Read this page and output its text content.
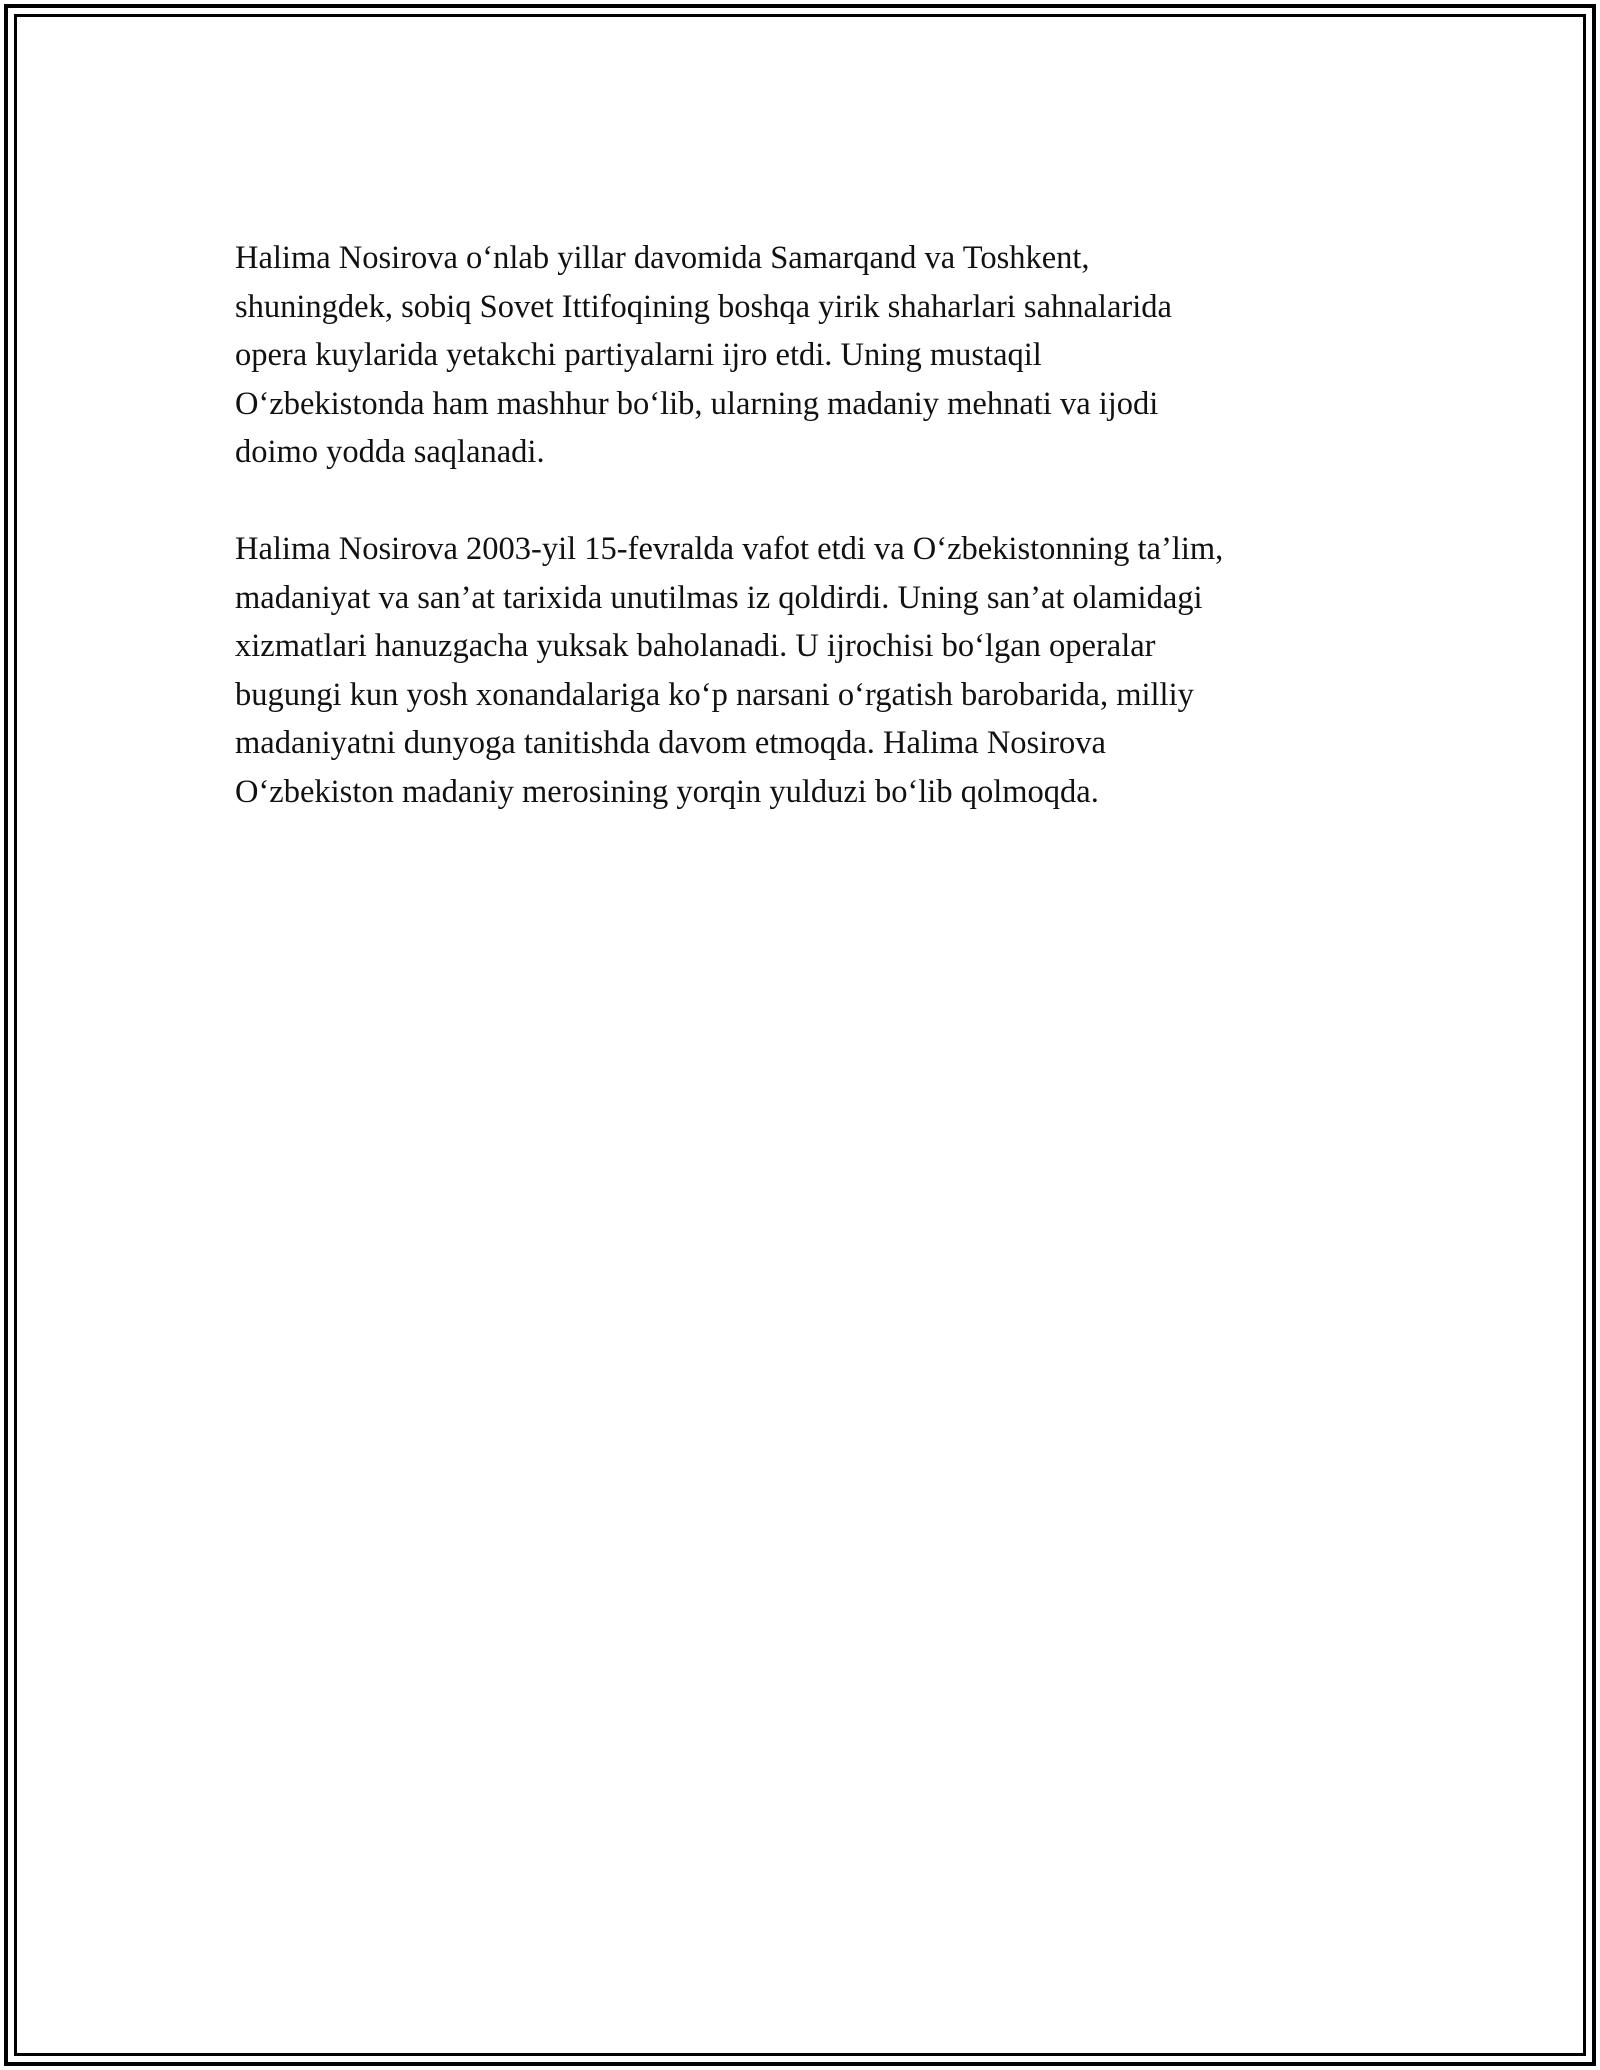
Halima Nosirova o‘nlab yillar davomida Samarqand va Toshkent,
shuningdek, sobiq Sovet Ittifoqining boshqa yirik shaharlari sahnalarida
opera kuylarida yetakchi partiyalarni ijro etdi. Uning mustaqil
O‘zbekistonda ham mashhur bo‘lib, ularning madaniy mehnati va ijodi
doimo yodda saqlanadi.

Halima Nosirova 2003-yil 15-fevralda vafot etdi va O‘zbekistonning ta’lim,
madaniyat va san’at tarixida unutilmas iz qoldirdi. Uning san’at olamidagi
xizmatlari hanuzgacha yuksak baholanadi. U ijrochisi bo‘lgan operalar
bugungi kun yosh xonandalariga ko‘p narsani o‘rgatish barobarida, milliy
madaniyatni dunyoga tanitishda davom etmoqda. Halima Nosirova
O‘zbekiston madaniy merosining yorqin yulduzi bo‘lib qolmoqda.
